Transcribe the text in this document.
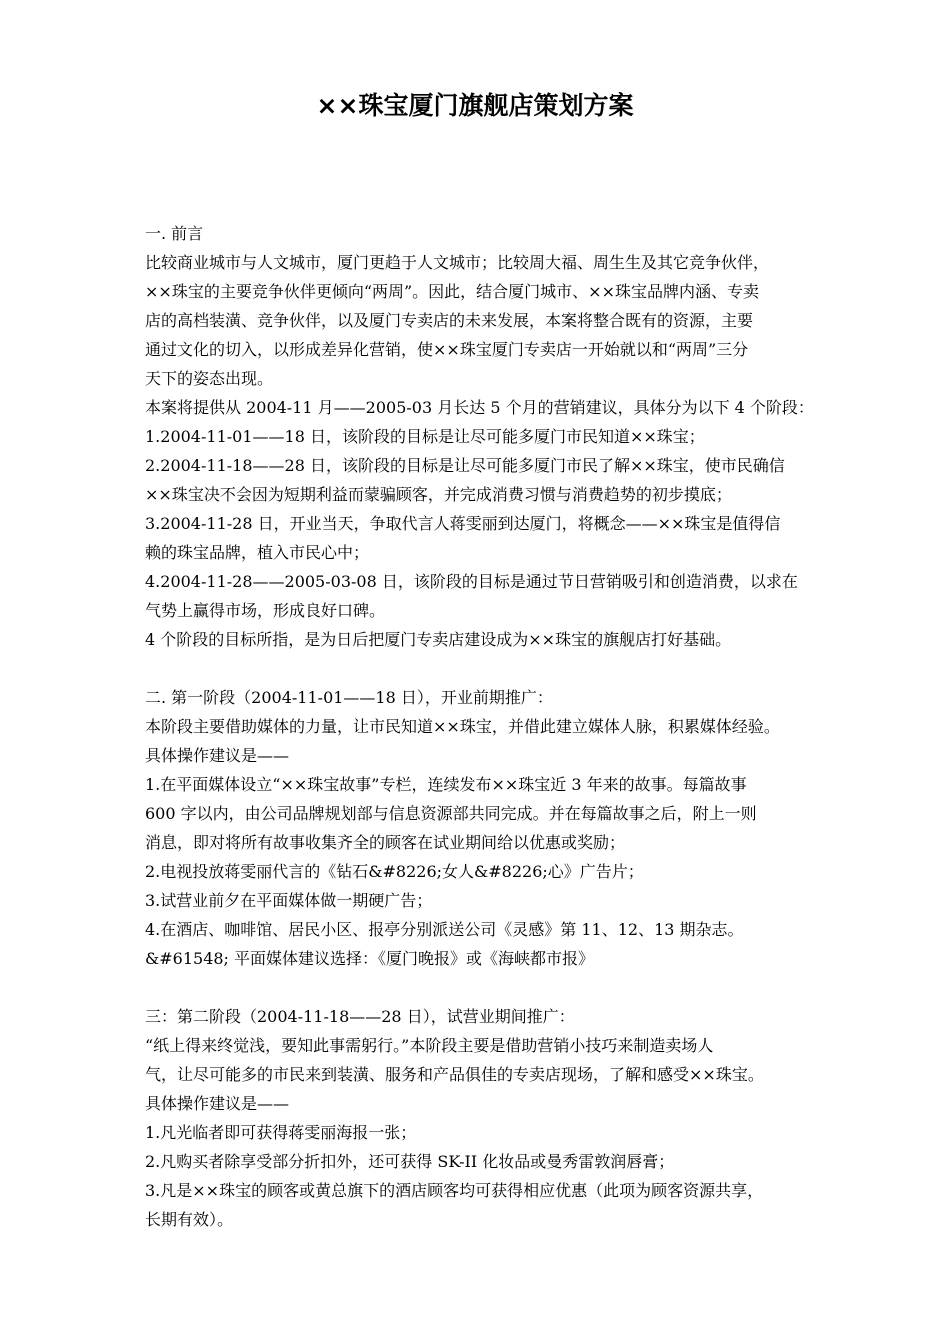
××珠宝厦门旗舰店策划方案
一. 前言
比较商业城市与人文城市，厦门更趋于人文城市；比较周大福、周生生及其它竞争伙伴，
××珠宝的主要竞争伙伴更倾向“两周”。因此，结合厦门城市、××珠宝品牌内涵、专卖
店的高档装潢、竞争伙伴，以及厦门专卖店的未来发展，本案将整合既有的资源，主要
通过文化的切入，以形成差异化营销，使××珠宝厦门专卖店一开始就以和“两周”三分
天下的姿态出现。
本案将提供从 2004-11 月——2005-03 月长达 5 个月的营销建议，具体分为以下 4 个阶段：
1.2004-11-01——18 日，该阶段的目标是让尽可能多厦门市民知道××珠宝；
2.2004-11-18——28 日，该阶段的目标是让尽可能多厦门市民了解××珠宝，使市民确信
××珠宝决不会因为短期利益而蒙骗顾客，并完成消费习惯与消费趋势的初步摸底；
3.2004-11-28 日，开业当天，争取代言人蒋雯丽到达厦门，将概念——××珠宝是值得信
赖的珠宝品牌，植入市民心中；
4.2004-11-28——2005-03-08 日，该阶段的目标是通过节日营销吸引和创造消费，以求在
气势上赢得市场，形成良好口碑。
4 个阶段的目标所指，是为日后把厦门专卖店建设成为××珠宝的旗舰店打好基础。
二. 第一阶段（2004-11-01——18 日），开业前期推广：
本阶段主要借助媒体的力量，让市民知道××珠宝，并借此建立媒体人脉，积累媒体经验。
具体操作建议是——
1.在平面媒体设立“××珠宝故事”专栏，连续发布××珠宝近 3 年来的故事。每篇故事
600 字以内，由公司品牌规划部与信息资源部共同完成。并在每篇故事之后，附上一则
消息，即对将所有故事收集齐全的顾客在试业期间给以优惠或奖励；
2.电视投放蒋雯丽代言的《钻石&#8226;女人&#8226;心》广告片；
3.试营业前夕在平面媒体做一期硬广告；
4.在酒店、咖啡馆、居民小区、报亭分别派送公司《灵感》第 11、12、13 期杂志。
&#61548; 平面媒体建议选择：《厦门晚报》或《海峡都市报》
三：第二阶段（2004-11-18——28 日），试营业期间推广：
“纸上得来终觉浅，要知此事需躬行。”本阶段主要是借助营销小技巧来制造卖场人
气，让尽可能多的市民来到装潢、服务和产品俱佳的专卖店现场，了解和感受××珠宝。
具体操作建议是——
1.凡光临者即可获得蒋雯丽海报一张；
2.凡购买者除享受部分折扣外，还可获得 SK-II 化妆品或曼秀雷敦润唇膏；
3.凡是××珠宝的顾客或黄总旗下的酒店顾客均可获得相应优惠（此项为顾客资源共享，
长期有效）。
